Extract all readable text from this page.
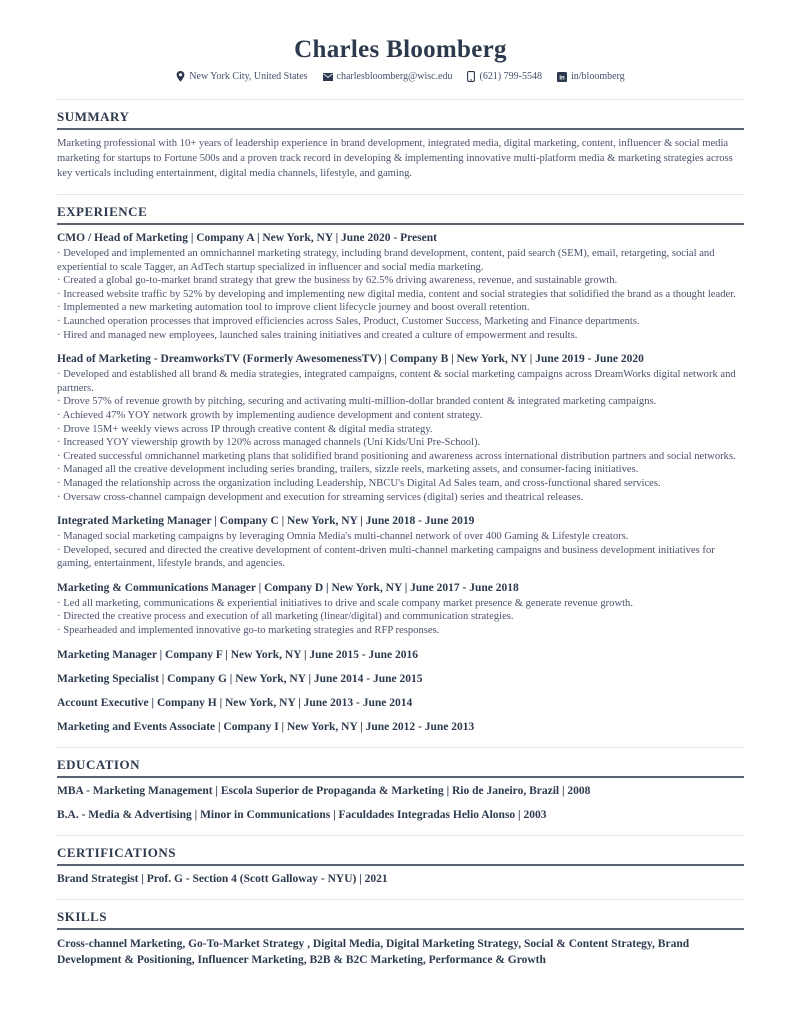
Charles Bloomberg
New York City, United States	charlesbloomberg@wisc.edu	(621) 799-5548	in in/bloomberg
SUMMARY
Marketing professional with 10+ years of leadership experience in brand development, integrated media, digital marketing, content, influencer & social media marketing for startups to Fortune 500s and a proven track record in developing & implementing innovative multi-platform media & marketing strategies across key verticals including entertainment, digital media channels, lifestyle, and gaming.
EXPERIENCE
CMO / Head of Marketing | Company A | New York, NY | June 2020 - Present
· Developed and implemented an omnichannel marketing strategy, including brand development, content, paid search (SEM), email, retargeting, social and experiential to scale Tagger, an AdTech startup specialized in influencer and social media marketing.
· Created a global go-to-market brand strategy that grew the business by 62.5% driving awareness, revenue, and sustainable growth.
· Increased website traffic by 52% by developing and implementing new digital media, content and social strategies that solidified the brand as a thought leader.
· Implemented a new marketing automation tool to improve client lifecycle journey and boost overall retention.
· Launched operation processes that improved efficiencies across Sales, Product, Customer Success, Marketing and Finance departments.
· Hired and managed new employees, launched sales training initiatives and created a culture of empowerment and results.
Head of Marketing - DreamworksTV (Formerly AwesomenessTV) | Company B | New York, NY | June 2019 - June 2020
· Developed and established all brand & media strategies, integrated campaigns, content & social marketing campaigns across DreamWorks digital network and partners.
· Drove 57% of revenue growth by pitching, securing and activating multi-million-dollar branded content & integrated marketing campaigns.
· Achieved 47% YOY network growth by implementing audience development and content strategy.
· Drove 15M+ weekly views across IP through creative content & digital media strategy.
· Increased YOY viewership growth by 120% across managed channels (Uni Kids/Uni Pre-School).
· Created successful omnichannel marketing plans that solidified brand positioning and awareness across international distribution partners and social networks.
· Managed all the creative development including series branding, trailers, sizzle reels, marketing assets, and consumer-facing initiatives.
· Managed the relationship across the organization including Leadership, NBCU's Digital Ad Sales team, and cross-functional shared services.
· Oversaw cross-channel campaign development and execution for streaming services (digital) series and theatrical releases.
Integrated Marketing Manager | Company C | New York, NY | June 2018 - June 2019
· Managed social marketing campaigns by leveraging Omnia Media's multi-channel network of over 400 Gaming & Lifestyle creators.
· Developed, secured and directed the creative development of content-driven multi-channel marketing campaigns and business development initiatives for gaming, entertainment, lifestyle brands, and agencies.
Marketing & Communications Manager | Company D | New York, NY | June 2017 - June 2018
· Led all marketing, communications & experiential initiatives to drive and scale company market presence & generate revenue growth.
· Directed the creative process and execution of all marketing (linear/digital) and communication strategies.
· Spearheaded and implemented innovative go-to marketing strategies and RFP responses.
Marketing Manager | Company F | New York, NY | June 2015 - June 2016
Marketing Specialist | Company G | New York, NY | June 2014 - June 2015
Account Executive | Company H | New York, NY | June 2013 - June 2014
Marketing and Events Associate | Company I | New York, NY | June 2012 - June 2013
EDUCATION
MBA - Marketing Management | Escola Superior de Propaganda & Marketing | Rio de Janeiro, Brazil | 2008
B.A. - Media & Advertising | Minor in Communications | Faculdades Integradas Helio Alonso | 2003
CERTIFICATIONS
Brand Strategist | Prof. G - Section 4 (Scott Galloway - NYU) | 2021
SKILLS
Cross-channel Marketing, Go-To-Market Strategy , Digital Media, Digital Marketing Strategy, Social & Content Strategy, Brand Development & Positioning, Influencer Marketing, B2B & B2C Marketing, Performance & Growth
